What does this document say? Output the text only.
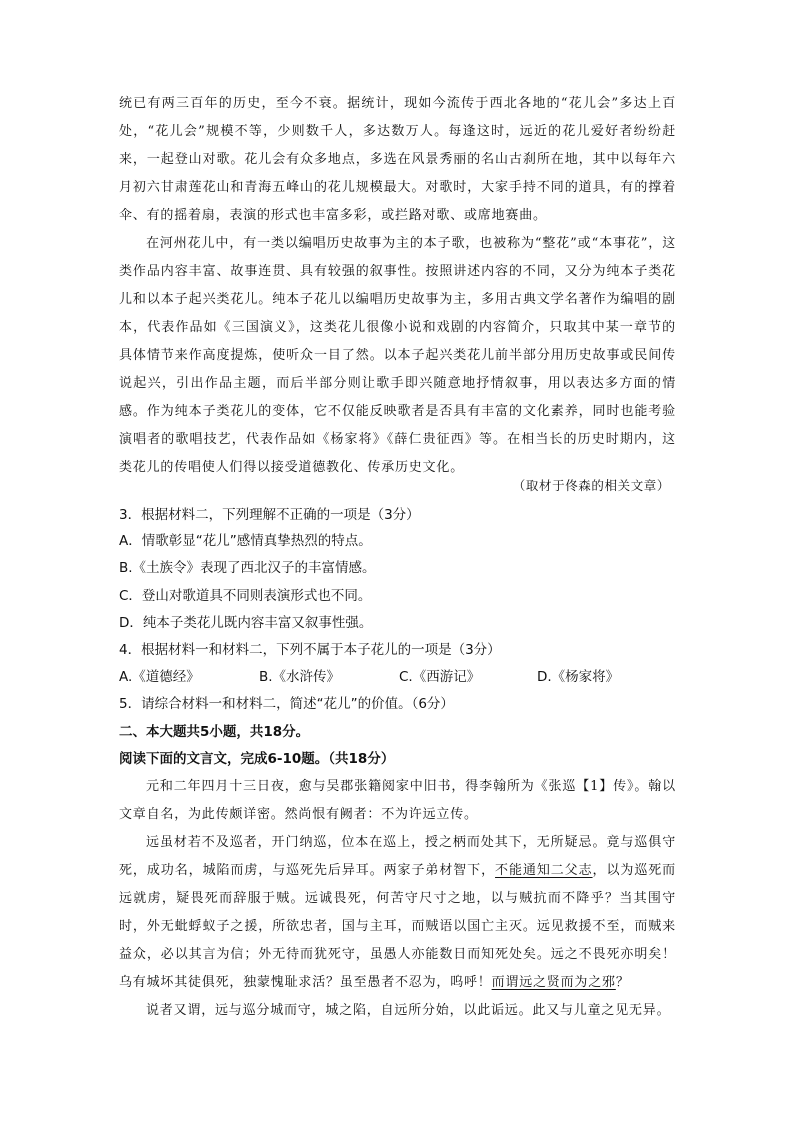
统已有两三百年的历史，至今不衰。据统计，现如今流传于西北各地的“花儿会”多达上百处，“花儿会”规模不等，少则数千人，多达数万人。每逢这时，远近的花儿爱好者纷纷赶来，一起登山对歌。花儿会有众多地点，多选在风景秀丽的名山古刹所在地，其中以每年六月初六甘肃莲花山和青海五峰山的花儿规模最大。对歌时，大家手持不同的道具，有的撑着伞、有的摇着扇，表演的形式也丰富多彩，或拦路对歌、或席地赛曲。
在河州花儿中，有一类以编唱历史故事为主的本子歌，也被称为“整花”或“本事花”，这类作品内容丰富、故事连贯、具有较强的叙事性。按照讲述内容的不同，又分为纯本子类花儿和以本子起兴类花儿。纯本子花儿以编唱历史故事为主，多用古典文学名著作为编唱的剧本，代表作品如《三国演义》，这类花儿很像小说和戏剧的内容简介，只取其中某一章节的具体情节来作高度提炼，使听众一目了然。以本子起兴类花儿前半部分用历史故事或民间传说起兴，引出作品主题，而后半部分则让歌手即兴随意地抒情叙事，用以表达多方面的情感。作为纯本子类花儿的变体，它不仅能反映歌者是否具有丰富的文化素养，同时也能考验演唱者的歌唱技艺，代表作品如《杨家将》《薛仁贵征西》等。在相当长的历史时期内，这类花儿的传唱使人们得以接受道德教化、传承历史文化。
（取材于佟森的相关文章）
3．根据材料二，下列理解不正确的一项是（3分）
A．情歌彰显“花儿”感情真挚热烈的特点。
B.《土族令》表现了西北汉子的丰富情感。
C．登山对歌道具不同则表演形式也不同。
D．纯本子类花儿既内容丰富又叙事性强。
4．根据材料一和材料二，下列不属于本子花儿的一项是（3分）
A.《道德经》	B.《水浒传》	C.《西游记》	D.《杨家将》
5．请综合材料一和材料二，简述“花儿”的价值。（6分）
二、本大题共5小题，共18分。
阅读下面的文言文，完成6-10题。（共18分）
元和二年四月十三日夜，愈与吴郡张籍阅家中旧书，得李翰所为《张巡【1】传》。翰以文章自名，为此传颇详密。然尚恨有阙者：不为许远立传。
远虽材若不及巡者，开门纳巡，位本在巡上，授之柄而处其下，无所疑忌。竟与巡俱守死，成功名，城陷而虏，与巡死先后异耳。两家子弟材智下，不能通知二父志，以为巡死而远就虏，疑畏死而辞服于贼。远诚畏死，何苦守尺寸之地，以与贼抗而不降乎？当其围守时，外无蚍蜉蚁子之援，所欲忠者，国与主耳，而贼语以国亡主灭。远见救援不至，而贼来益众，必以其言为信；外无待而犹死守，虽愚人亦能数日而知死处矣。远之不畏死亦明矣！乌有城坏其徒俱死，独蒙愧耻求活？虽至愚者不忍为，呜呼！而谓远之贤而为之邪？
说者又谓，远与巡分城而守，城之陷，自远所分始，以此诟远。此又与儿童之见无异。
